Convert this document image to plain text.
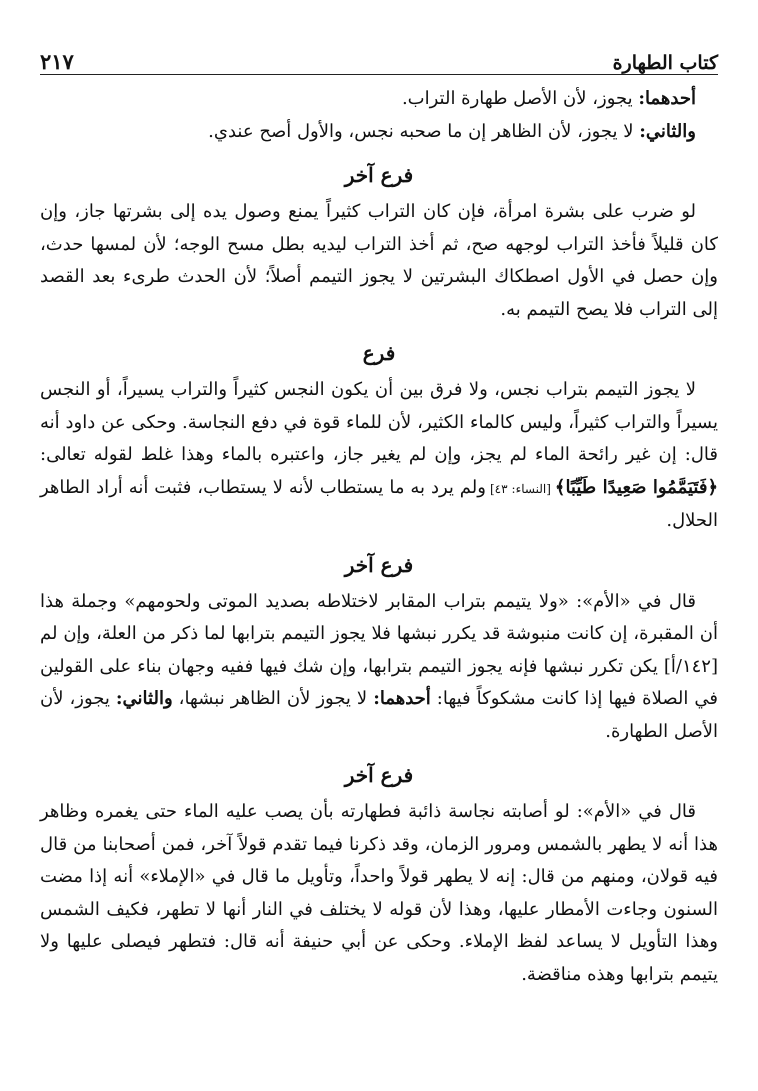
كتاب الطهارة
٢١٧

أحدهما: يجوز، لأن الأصل طهارة التراب.

والثاني: لا يجوز، لأن الظاهر إن ما صحبه نجس، والأول أصح عندي.

فرع آخر

لو ضرب على بشرة امرأة، فإن كان التراب كثيراً يمنع وصول يده إلى بشرتها جاز، وإن كان قليلاً فأخذ التراب لوجهه صح، ثم أخذ التراب ليديه بطل مسح الوجه؛ لأن لمسها حدث، وإن حصل في الأول اصطكاك البشرتين لا يجوز التيمم أصلاً؛ لأن الحدث طرىء بعد القصد إلى التراب فلا يصح التيمم به.

فرع

لا يجوز التيمم بتراب نجس، ولا فرق بين أن يكون النجس كثيراً والتراب يسيراً، أو النجس يسيراً والتراب كثيراً، وليس كالماء الكثير، لأن للماء قوة في دفع النجاسة. وحكى عن داود أنه قال: إن غير رائحة الماء لم يجز، وإن لم يغير جاز، واعتبره بالماء وهذا غلط لقوله تعالى: ﴿فَتَيَمَّمُوا صَعِيدًا طَيِّبًا﴾ [النساء: ٤٣] ولم يرد به ما يستطاب لأنه لا يستطاب، فثبت أنه أراد الطاهر الحلال.

فرع آخر

قال في «الأم»: «ولا يتيمم بتراب المقابر لاختلاطه بصديد الموتى ولحومهم» وجملة هذا أن المقبرة، إن كانت منبوشة قد يكرر نبشها فلا يجوز التيمم بترابها لما ذكر من العلة، وإن لم [١٤٢/أ] يكن تكرر نبشها فإنه يجوز التيمم بترابها، وإن شك فيها ففيه وجهان بناء على القولين في الصلاة فيها إذا كانت مشكوكاً فيها: أحدهما: لا يجوز لأن الظاهر نبشها، والثاني: يجوز، لأن الأصل الطهارة.

فرع آخر

قال في «الأم»: لو أصابته نجاسة ذائبة فطهارته بأن يصب عليه الماء حتى يغمره وظاهر هذا أنه لا يطهر بالشمس ومرور الزمان، وقد ذكرنا فيما تقدم قولاً آخر، فمن أصحابنا من قال فيه قولان، ومنهم من قال: إنه لا يطهر قولاً واحداً، وتأويل ما قال في «الإملاء» أنه إذا مضت السنون وجاءت الأمطار عليها، وهذا لأن قوله لا يختلف في النار أنها لا تطهر، فكيف الشمس وهذا التأويل لا يساعد لفظ الإملاء. وحكى عن أبي حنيفة أنه قال: فتطهر فيصلى عليها ولا يتيمم بترابها وهذه مناقضة.
